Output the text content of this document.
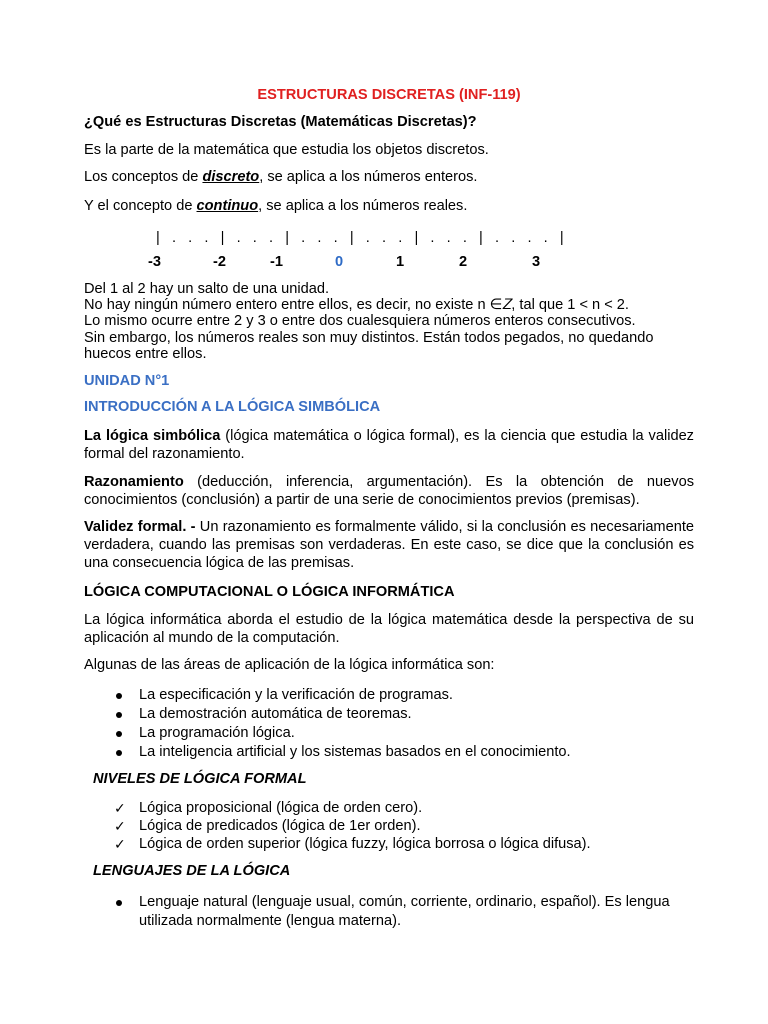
ESTRUCTURAS DISCRETAS (INF-119)

¿Qué es Estructuras Discretas (Matemáticas Discretas)?

Es la parte de la matemática que estudia los objetos discretos.

Los conceptos de discreto, se aplica a los números enteros.

Y el concepto de continuo, se aplica a los números reales.

|   .   .   .   |   .   .   .   |   .   .   .   |   .   .   .   |   .   .   .   |   .   .   .   .   |
-3	-2	-1	0	1	2	3
Del 1 al 2 hay un salto de una unidad.
No hay ningún número entero entre ellos, es decir, no existe n ∈𝑍, tal que 1 < n < 2.
Lo mismo ocurre entre 2 y 3 o entre dos cualesquiera números enteros consecutivos.
Sin embargo, los números reales son muy distintos. Están todos pegados, no quedando
huecos entre ellos.

UNIDAD N°1

INTRODUCCIÓN A LA LÓGICA SIMBÓLICA

La lógica simbólica (lógica matemática o lógica formal), es la ciencia que estudia la validez formal del razonamiento.

Razonamiento (deducción, inferencia, argumentación). Es la obtención de nuevos conocimientos (conclusión) a partir de una serie de conocimientos previos (premisas).

Validez formal. - Un razonamiento es formalmente válido, si la conclusión es necesariamente verdadera, cuando las premisas son verdaderas. En este caso, se dice que la conclusión es una consecuencia lógica de las premisas.

LÓGICA COMPUTACIONAL O LÓGICA INFORMÁTICA

La lógica informática aborda el estudio de la lógica matemática desde la perspectiva de su aplicación al mundo de la computación.

Algunas de las áreas de aplicación de la lógica informática son:

La especificación y la verificación de programas.
La demostración automática de teoremas.
La programación lógica.
La inteligencia artificial y los sistemas basados en el conocimiento.

NIVELES DE LÓGICA FORMAL

✓ Lógica proposicional (lógica de orden cero).
✓ Lógica de predicados (lógica de 1er orden).
✓ Lógica de orden superior (lógica fuzzy, lógica borrosa o lógica difusa).

LENGUAJES DE LA LÓGICA

Lenguaje natural (lenguaje usual, común, corriente, ordinario, español). Es lengua utilizada normalmente (lengua materna).
